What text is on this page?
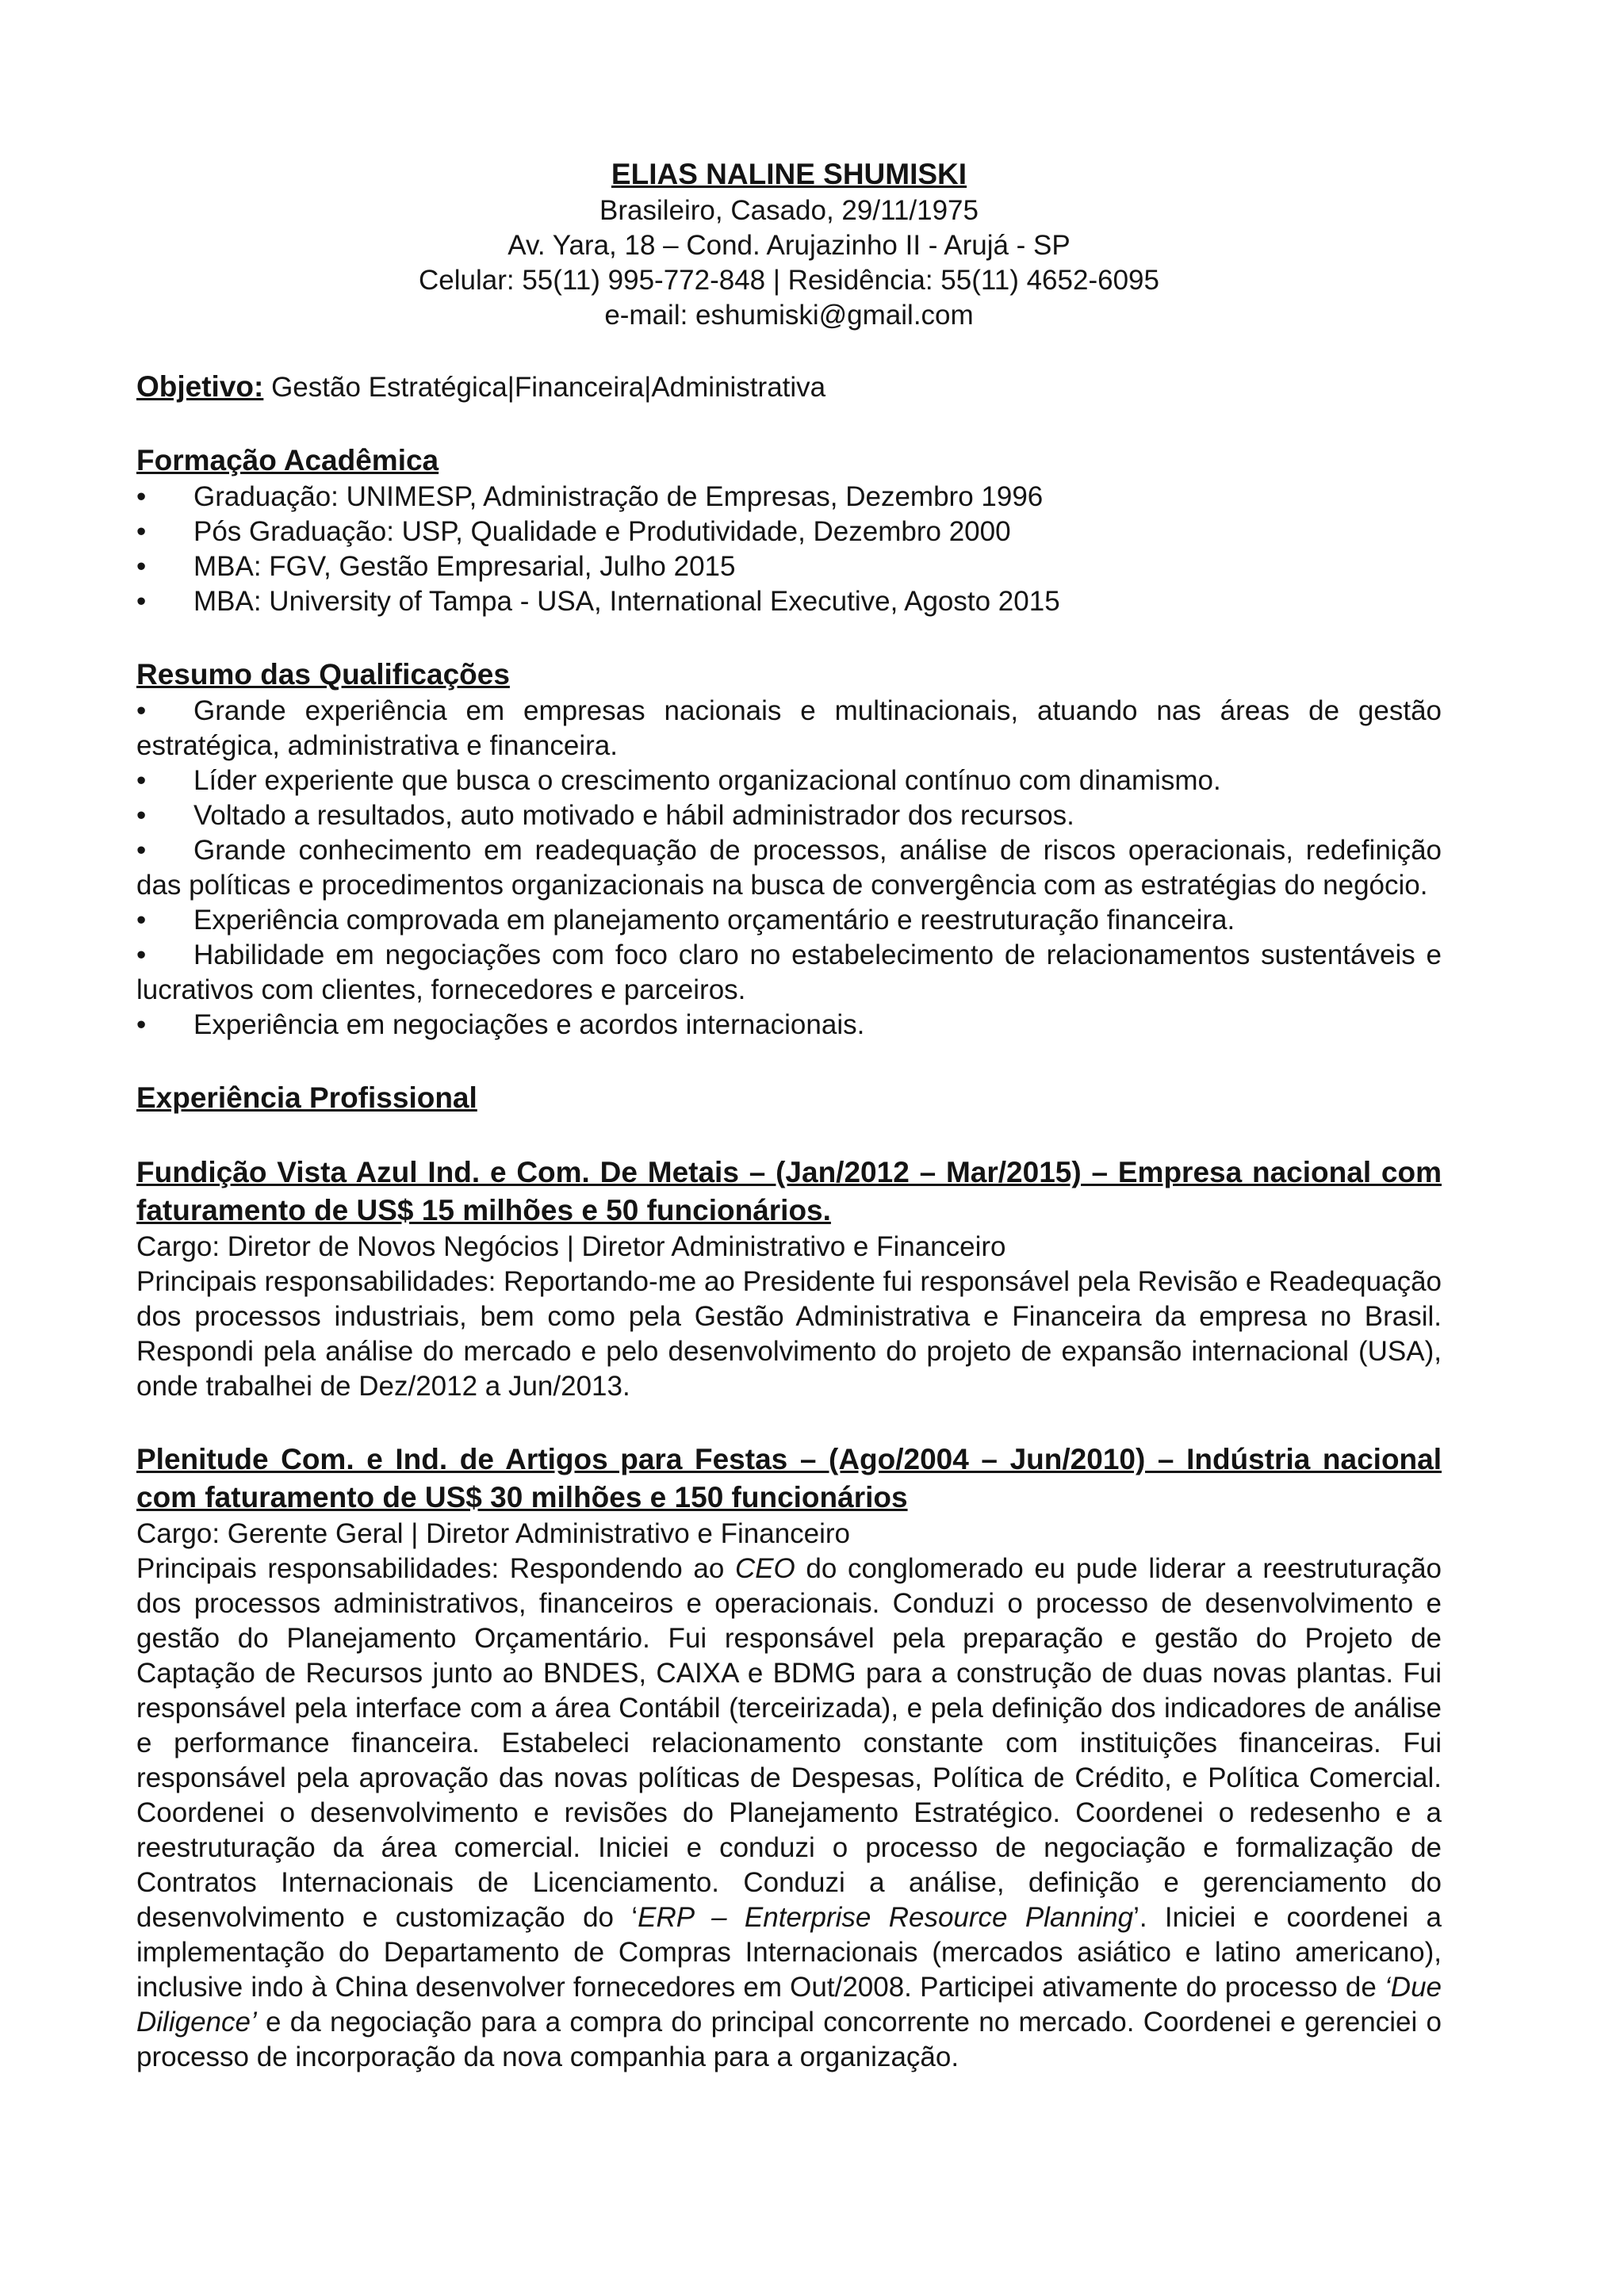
ELIAS NALINE SHUMISKI
Brasileiro, Casado, 29/11/1975
Av. Yara, 18 – Cond. Arujazinho II - Arujá - SP
Celular: 55(11) 995-772-848 | Residência: 55(11) 4652-6095
e-mail: eshumiski@gmail.com
Objetivo: Gestão Estratégica|Financeira|Administrativa
Formação Acadêmica
•	Graduação: UNIMESP, Administração de Empresas, Dezembro 1996
•	Pós Graduação: USP, Qualidade e Produtividade, Dezembro 2000
•	MBA: FGV, Gestão Empresarial, Julho 2015
•	MBA: University of Tampa - USA, International Executive, Agosto 2015
Resumo das Qualificações
• Grande experiência em empresas nacionais e multinacionais, atuando nas áreas de gestão estratégica, administrativa e financeira.
• Líder experiente que busca o crescimento organizacional contínuo com dinamismo.
• Voltado a resultados, auto motivado e hábil administrador dos recursos.
• Grande conhecimento em readequação de processos, análise de riscos operacionais, redefinição das políticas e procedimentos organizacionais na busca de convergência com as estratégias do negócio.
• Experiência comprovada em planejamento orçamentário e reestruturação financeira.
• Habilidade em negociações com foco claro no estabelecimento de relacionamentos sustentáveis e lucrativos com clientes, fornecedores e parceiros.
• Experiência em negociações e acordos internacionais.
Experiência Profissional
Fundição Vista Azul Ind. e Com. De Metais – (Jan/2012 – Mar/2015) – Empresa nacional com faturamento de US$ 15 milhões e 50 funcionários.
Cargo: Diretor de Novos Negócios | Diretor Administrativo e Financeiro
Principais responsabilidades: Reportando-me ao Presidente fui responsável pela Revisão e Readequação dos processos industriais, bem como pela Gestão Administrativa e Financeira da empresa no Brasil. Respondi pela análise do mercado e pelo desenvolvimento do projeto de expansão internacional (USA), onde trabalhei de Dez/2012 a Jun/2013.
Plenitude Com. e Ind. de Artigos para Festas – (Ago/2004 – Jun/2010) – Indústria nacional com faturamento de US$ 30 milhões e 150 funcionários
Cargo: Gerente Geral | Diretor Administrativo e Financeiro
Principais responsabilidades: Respondendo ao CEO do conglomerado eu pude liderar a reestruturação dos processos administrativos, financeiros e operacionais. Conduzi o processo de desenvolvimento e gestão do Planejamento Orçamentário. Fui responsável pela preparação e gestão do Projeto de Captação de Recursos junto ao BNDES, CAIXA e BDMG para a construção de duas novas plantas. Fui responsável pela interface com a área Contábil (terceirizada), e pela definição dos indicadores de análise e performance financeira. Estabeleci relacionamento constante com instituições financeiras. Fui responsável pela aprovação das novas políticas de Despesas, Política de Crédito, e Política Comercial. Coordenei o desenvolvimento e revisões do Planejamento Estratégico. Coordenei o redesenho e a reestruturação da área comercial. Iniciei e conduzi o processo de negociação e formalização de Contratos Internacionais de Licenciamento. Conduzi a análise, definição e gerenciamento do desenvolvimento e customização do ‘ERP – Enterprise Resource Planning’. Iniciei e coordenei a implementação do Departamento de Compras Internacionais (mercados asiático e latino americano), inclusive indo à China desenvolver fornecedores em Out/2008. Participei ativamente do processo de ‘Due Diligence’ e da negociação para a compra do principal concorrente no mercado. Coordenei e gerenciei o processo de incorporação da nova companhia para a organização.
